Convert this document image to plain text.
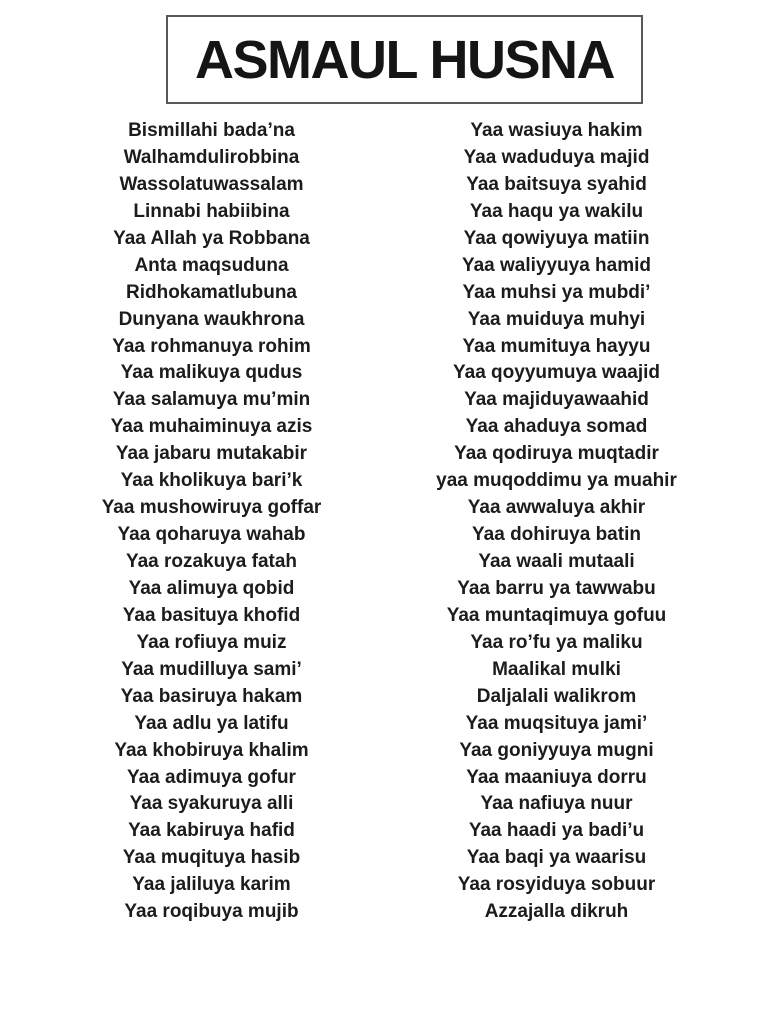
ASMAUL HUSNA
Bismillahi bada’na
Walhamdulirobbina
Wassolatuwassalam
Linnabi habiibina
Yaa Allah ya Robbana
Anta maqsuduna
Ridhokamatlubuna
Dunyana waukhrona
Yaa rohmanuya rohim
Yaa malikuya qudus
Yaa salamuya mu’min
Yaa muhaiminuya azis
Yaa jabaru mutakabir
Yaa kholikuya bari’k
Yaa mushowiruya goffar
Yaa qoharuya wahab
Yaa rozakuya fatah
Yaa alimuya qobid
Yaa basituya khofid
Yaa rofiuya muiz
Yaa mudilluya sami’
Yaa basiruya hakam
Yaa adlu ya latifu
Yaa khobiruya khalim
Yaa adimuya gofur
Yaa syakuruya alli
Yaa kabiruya hafid
Yaa muqituya hasib
Yaa jaliluya karim
Yaa roqibuya mujib
Yaa wasiuya hakim
Yaa waduduya majid
Yaa baitsuya syahid
Yaa haqu ya wakilu
Yaa qowiyuya matiin
Yaa waliyyuya hamid
Yaa muhsi ya mubdi’
Yaa muiduya muhyi
Yaa mumituya hayyu
Yaa qoyyumuya waajid
Yaa majiduyawaahid
Yaa ahaduya somad
Yaa qodiruya muqtadir
yaa muqoddimu ya muahir
Yaa awwaluya akhir
Yaa dohiruya batin
Yaa waali mutaali
Yaa barru ya tawwabu
Yaa muntaqimuya gofuu
Yaa ro’fu ya maliku
Maalikal mulki
Daljalali walikrom
Yaa muqsituya jami’
Yaa goniyyuya mugni
Yaa maaniuya dorru
Yaa nafiuya nuur
Yaa haadi ya badi’u
Yaa baqi ya waarisu
Yaa rosyiduya sobuur
Azzajalla dikruh
